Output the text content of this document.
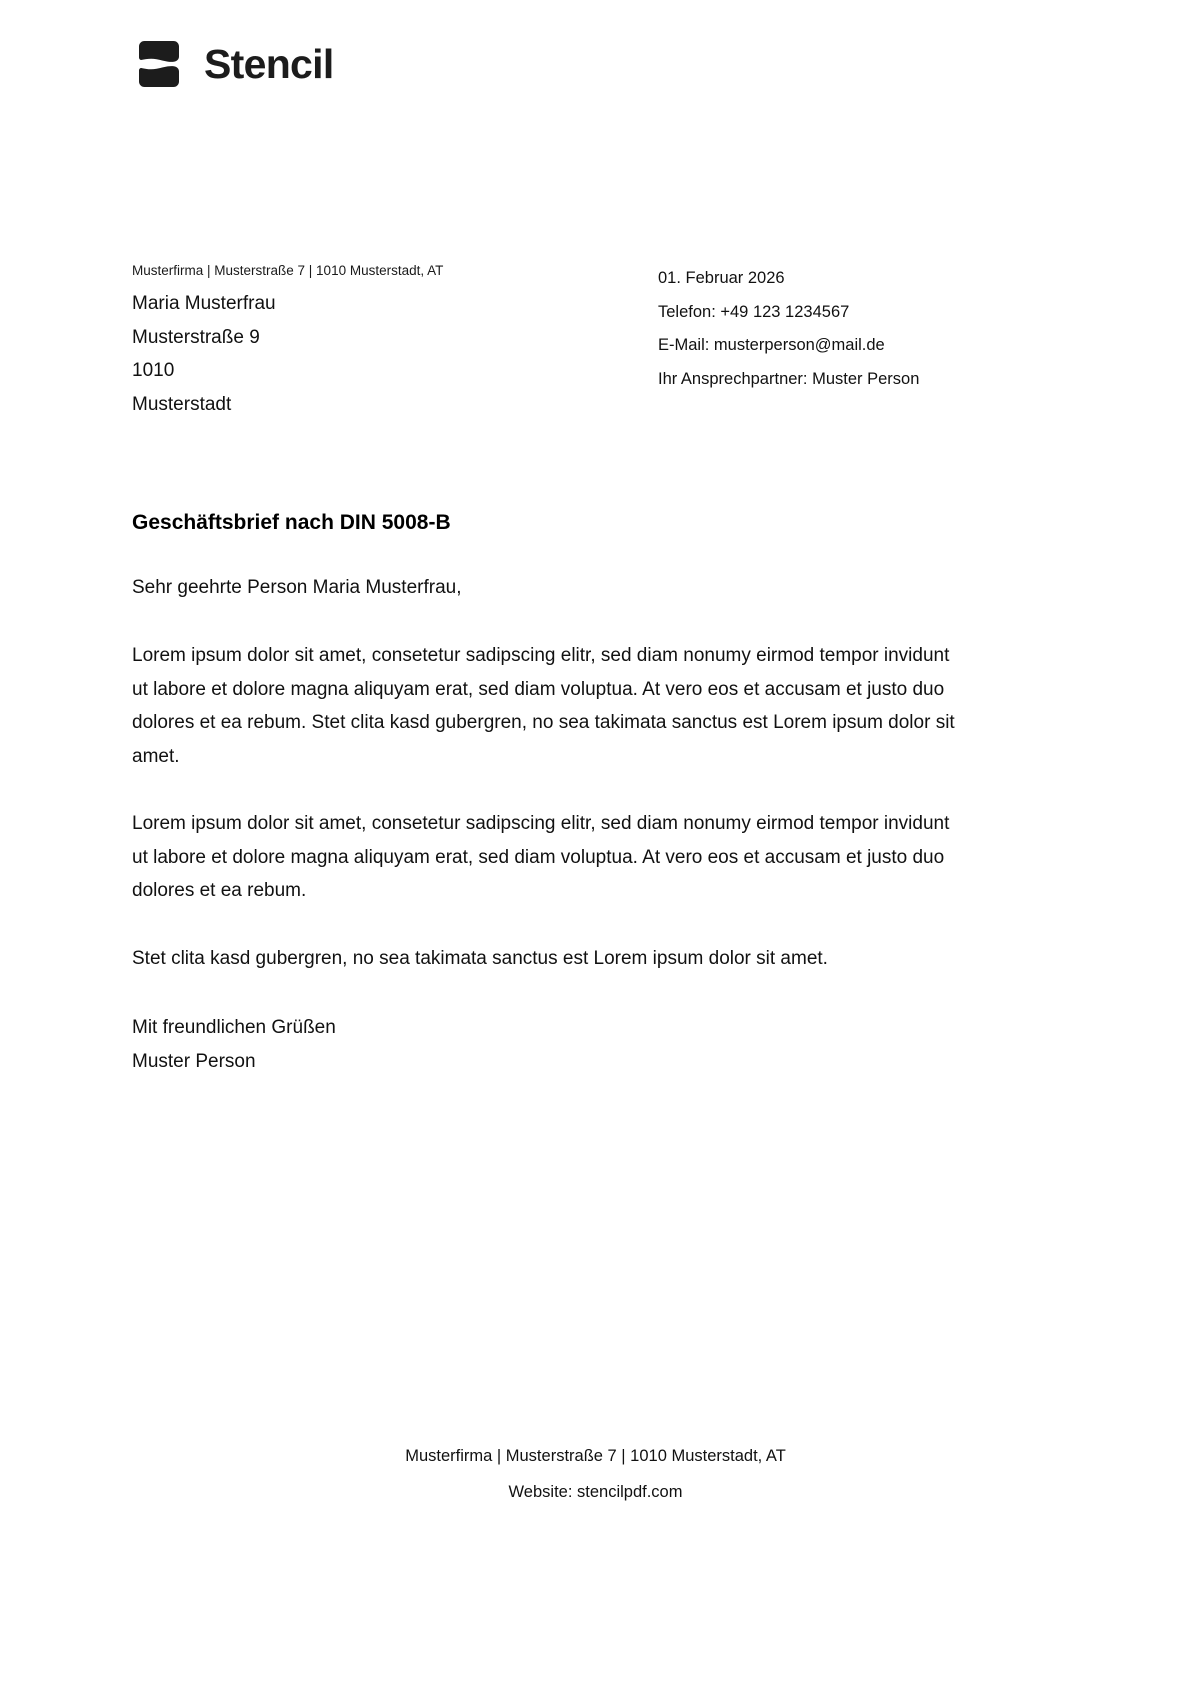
Stencil
Musterfirma | Musterstraße 7 | 1010 Musterstadt, AT
Maria Musterfrau
Musterstraße 9
1010
Musterstadt
01. Februar 2026
Telefon: +49 123 1234567
E-Mail: musterperson@mail.de
Ihr Ansprechpartner: Muster Person
Geschäftsbrief nach DIN 5008-B

Sehr geehrte Person Maria Musterfrau,

Lorem ipsum dolor sit amet, consetetur sadipscing elitr, sed diam nonumy eirmod tempor invidunt ut labore et dolore magna aliquyam erat, sed diam voluptua. At vero eos et accusam et justo duo dolores et ea rebum. Stet clita kasd gubergren, no sea takimata sanctus est Lorem ipsum dolor sit amet.

Lorem ipsum dolor sit amet, consetetur sadipscing elitr, sed diam nonumy eirmod tempor invidunt ut labore et dolore magna aliquyam erat, sed diam voluptua. At vero eos et accusam et justo duo dolores et ea rebum.

Stet clita kasd gubergren, no sea takimata sanctus est Lorem ipsum dolor sit amet.

Mit freundlichen Grüßen
Muster Person
Musterfirma | Musterstraße 7 | 1010 Musterstadt, AT
Website: stencilpdf.com
